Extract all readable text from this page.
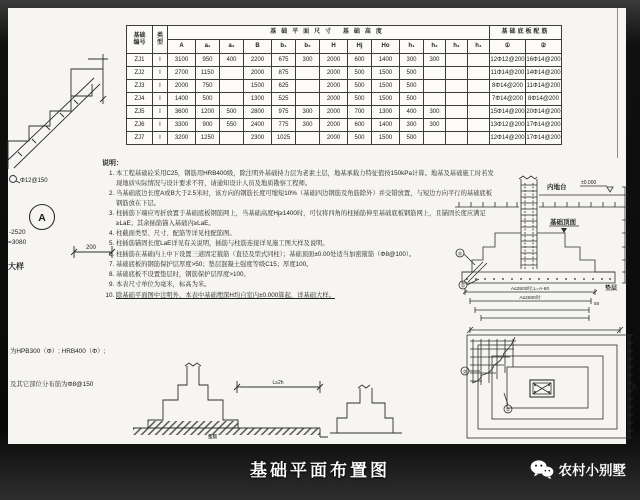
Φ12@150
A
-2520
=3080
200
大样
基础
编号	类
型	基础平面尺寸 基础高度													基础底板配筋	
		A	a₁	a₂	B	b₁	b₂	H	Hj	Ho	h₁	h₂	h₃	h₄	①	②
ZJ1	I	3100	950	400	2200	675	300	2000	600	1400	300	300			12Φ12@200	16Φ14@200
ZJ2	I	2700	1150		2000	875		2000	500	1500	500				11Φ14@200	14Φ14@200
ZJ3	I	2000	750		1500	625		2000	500	1500	500				8Φ14@200	11Φ14@200
ZJ4	I	1400	500		1300	525		2000	500	1500	500				7Φ14@200	8Φ14@200
ZJ5	I	3600	1200	500	2800	975	300	2000	700	1300	400	300			15Φ14@200	20Φ14@200
ZJ6	I	3300	900	550	2400	775	300	2000	600	1400	300	300			13Φ12@200	17Φ14@200
ZJ7	I	3200	1250		2300	1025		2000	500	1500	500				12Φ14@200	17Φ14@200
说明：
1. 本工程基础砼采用C25，钢筋用HRB400级，除注明外基础持力层为老素土层，地基承载力特征值按150kPa计算。地基及基础施工时若发现地质实际情况与设计要求不符，请通知设计人员及地质勘察工程师。
2. 当基础底边长度A或B大于2.5米时，该方向的钢筋长度可缩短10%（基础四边钢筋及角筋除外）并交错放置，与短边方向平行的基础底板钢筋放在下层。
3. 柱插筋下端应弯折放置于基础底板钢筋网上，当基础高度Hj≥1400时，可仅将四角的柱插筋伸至基础底板钢筋网上，且锚固长度应满足≥LaE；其余插筋锚入基础内≥LaE。
4. 柱截面类型、尺寸、配筋等详见柱配筋图。
5. 柱插筋锚固长度LaE详见有关说明，插筋与柱筋连接详见施工图大样及说明。
6. 柱插筋在基础内上中下设置三道固定箍筋（直径及型式同柱）；基础顶面±0.00处适当加密箍筋（Φ8@100）。
7. 基础底板的钢筋保护层厚度>50；垫层混凝土强度等级C15；厚度100。
8. 基础底板不设置垫层时，钢筋保护层厚度>100。
9. 本表尺寸单位为毫米，标高为米。
10. 除基础平面图中注明外，本表中基础埋深H均自室内±0.000算起，详基础大样。

为HPB300（Φ）; HRB400（Φ）;

及其它部位分布筋为Φ8@150

内地台
±0.000
基础顶面
②
①	A≤2500时,L=A-60	垫层
A≥2500时
50
L≥2h
垫层
②
①
B
基础平面布置图	农村小别墅
